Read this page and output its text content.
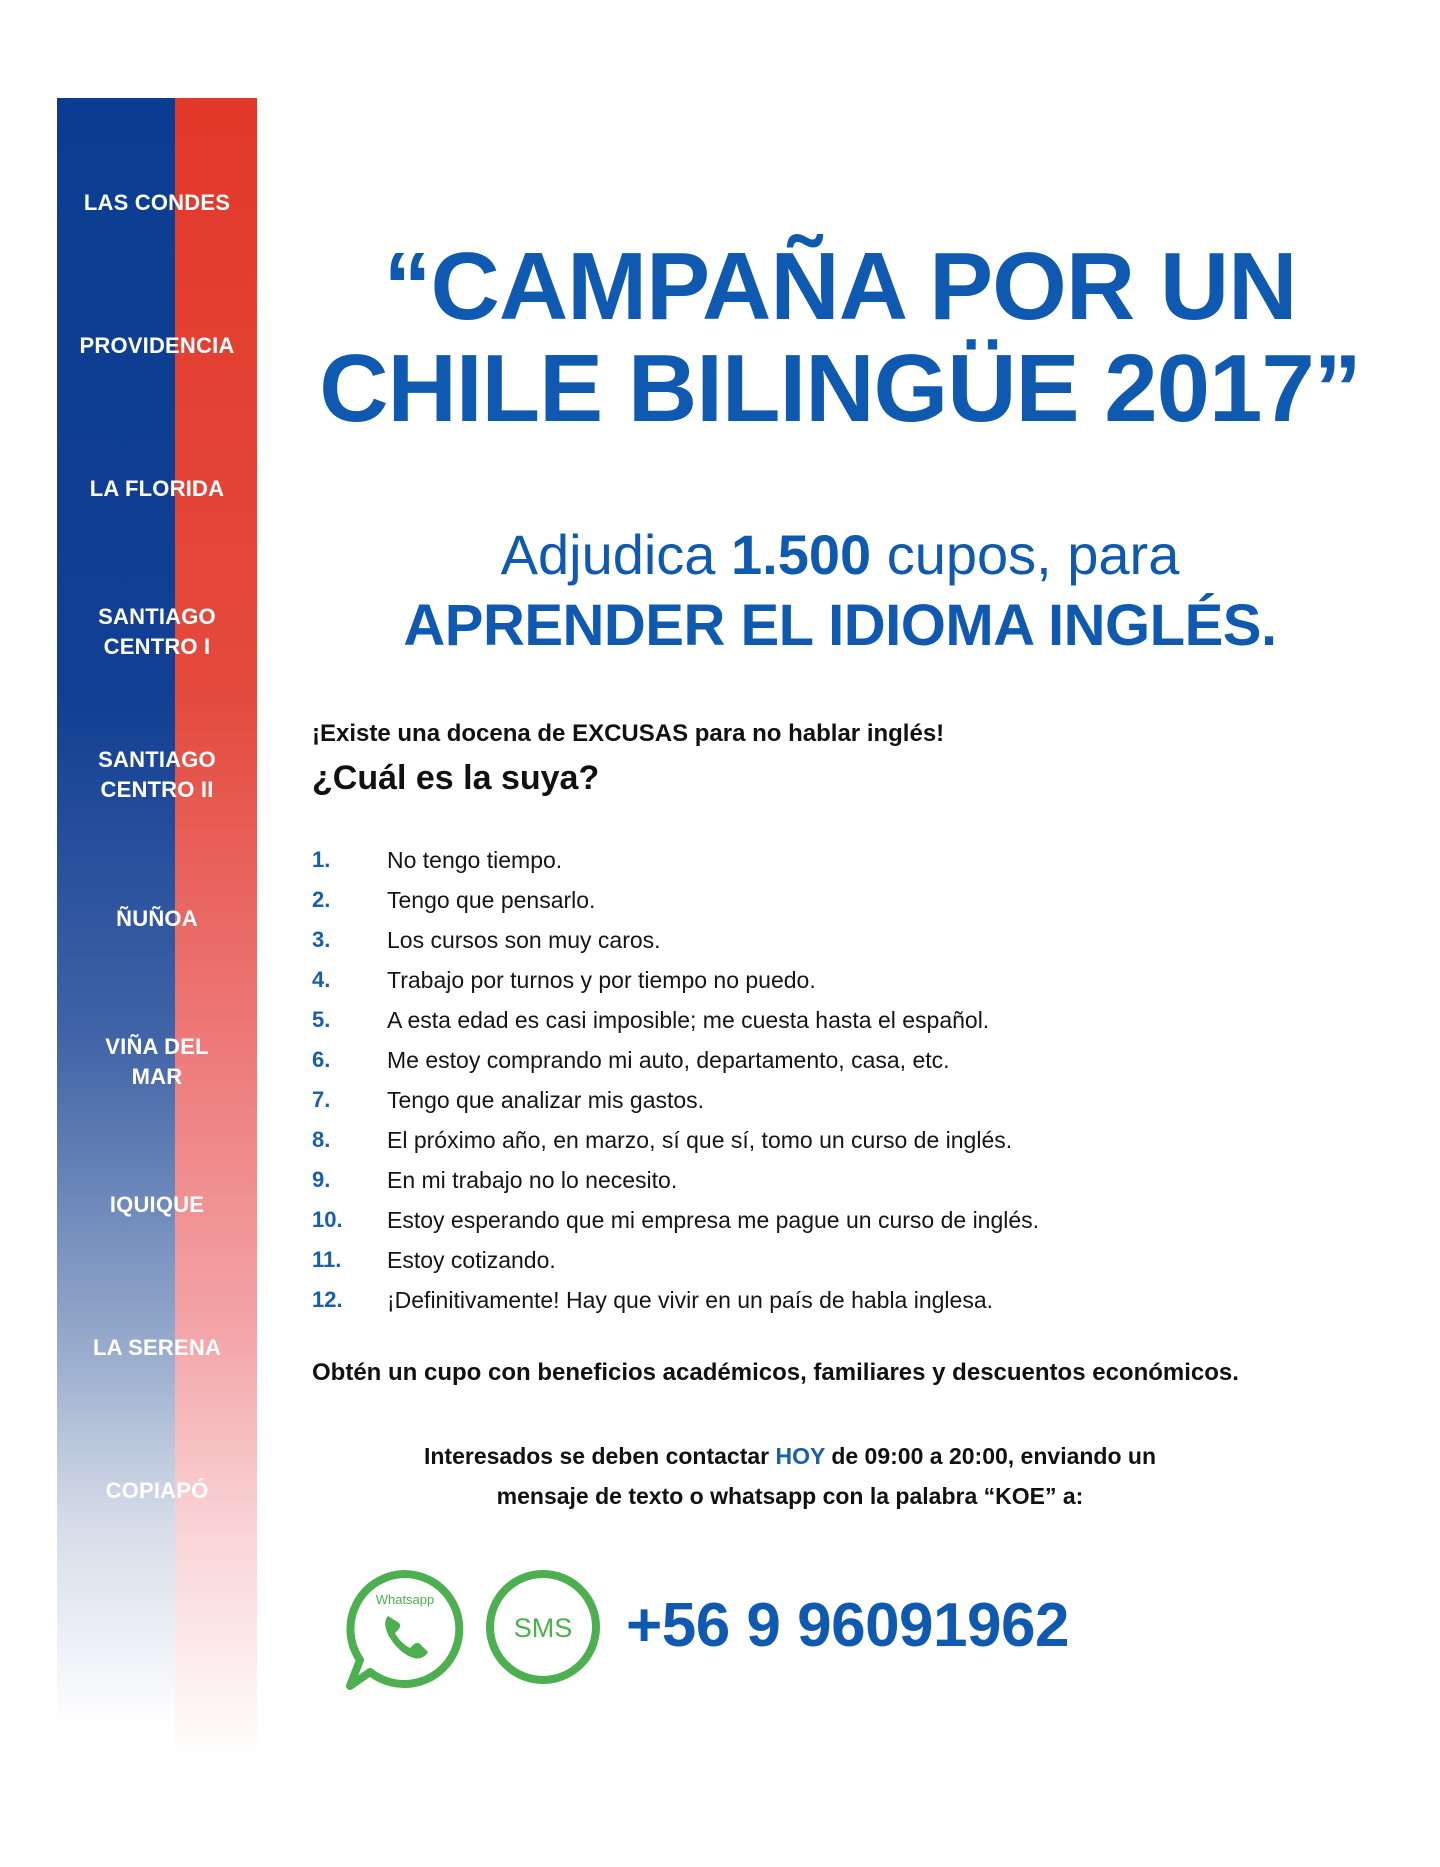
LAS CONDES
PROVIDENCIA
LA FLORIDA
SANTIAGO
CENTRO I
SANTIAGO
CENTRO II
ÑUÑOA
VIÑA DEL
MAR
IQUIQUE
LA SERENA
COPIAPÓ
“CAMPAÑA POR UN
CHILE BILINGÜE 2017”
Adjudica 1.500 cupos, para
APRENDER EL IDIOMA INGLÉS.
¡Existe una docena de EXCUSAS para no hablar inglés!
¿Cuál es la suya?
1.	No tengo tiempo.
2.	Tengo que pensarlo.
3.	Los cursos son muy caros.
4.	Trabajo por turnos y por tiempo no puedo.
5.	A esta edad es casi imposible; me cuesta hasta el español.
6.	Me estoy comprando mi auto, departamento, casa, etc.
7.	Tengo que analizar mis gastos.
8.	El próximo año, en marzo, sí que sí, tomo un curso de inglés.
9.	En mi trabajo no lo necesito.
10.	Estoy esperando que mi empresa me pague un curso de inglés.
11.	Estoy cotizando.
12.	¡Definitivamente! Hay que vivir en un país de habla inglesa.
Obtén un cupo con beneficios académicos, familiares y descuentos económicos.
Interesados se deben contactar HOY de 09:00 a 20:00, enviando un
mensaje de texto o whatsapp con la palabra “KOE” a:
Whatsapp
SMS +56 9 96091962
